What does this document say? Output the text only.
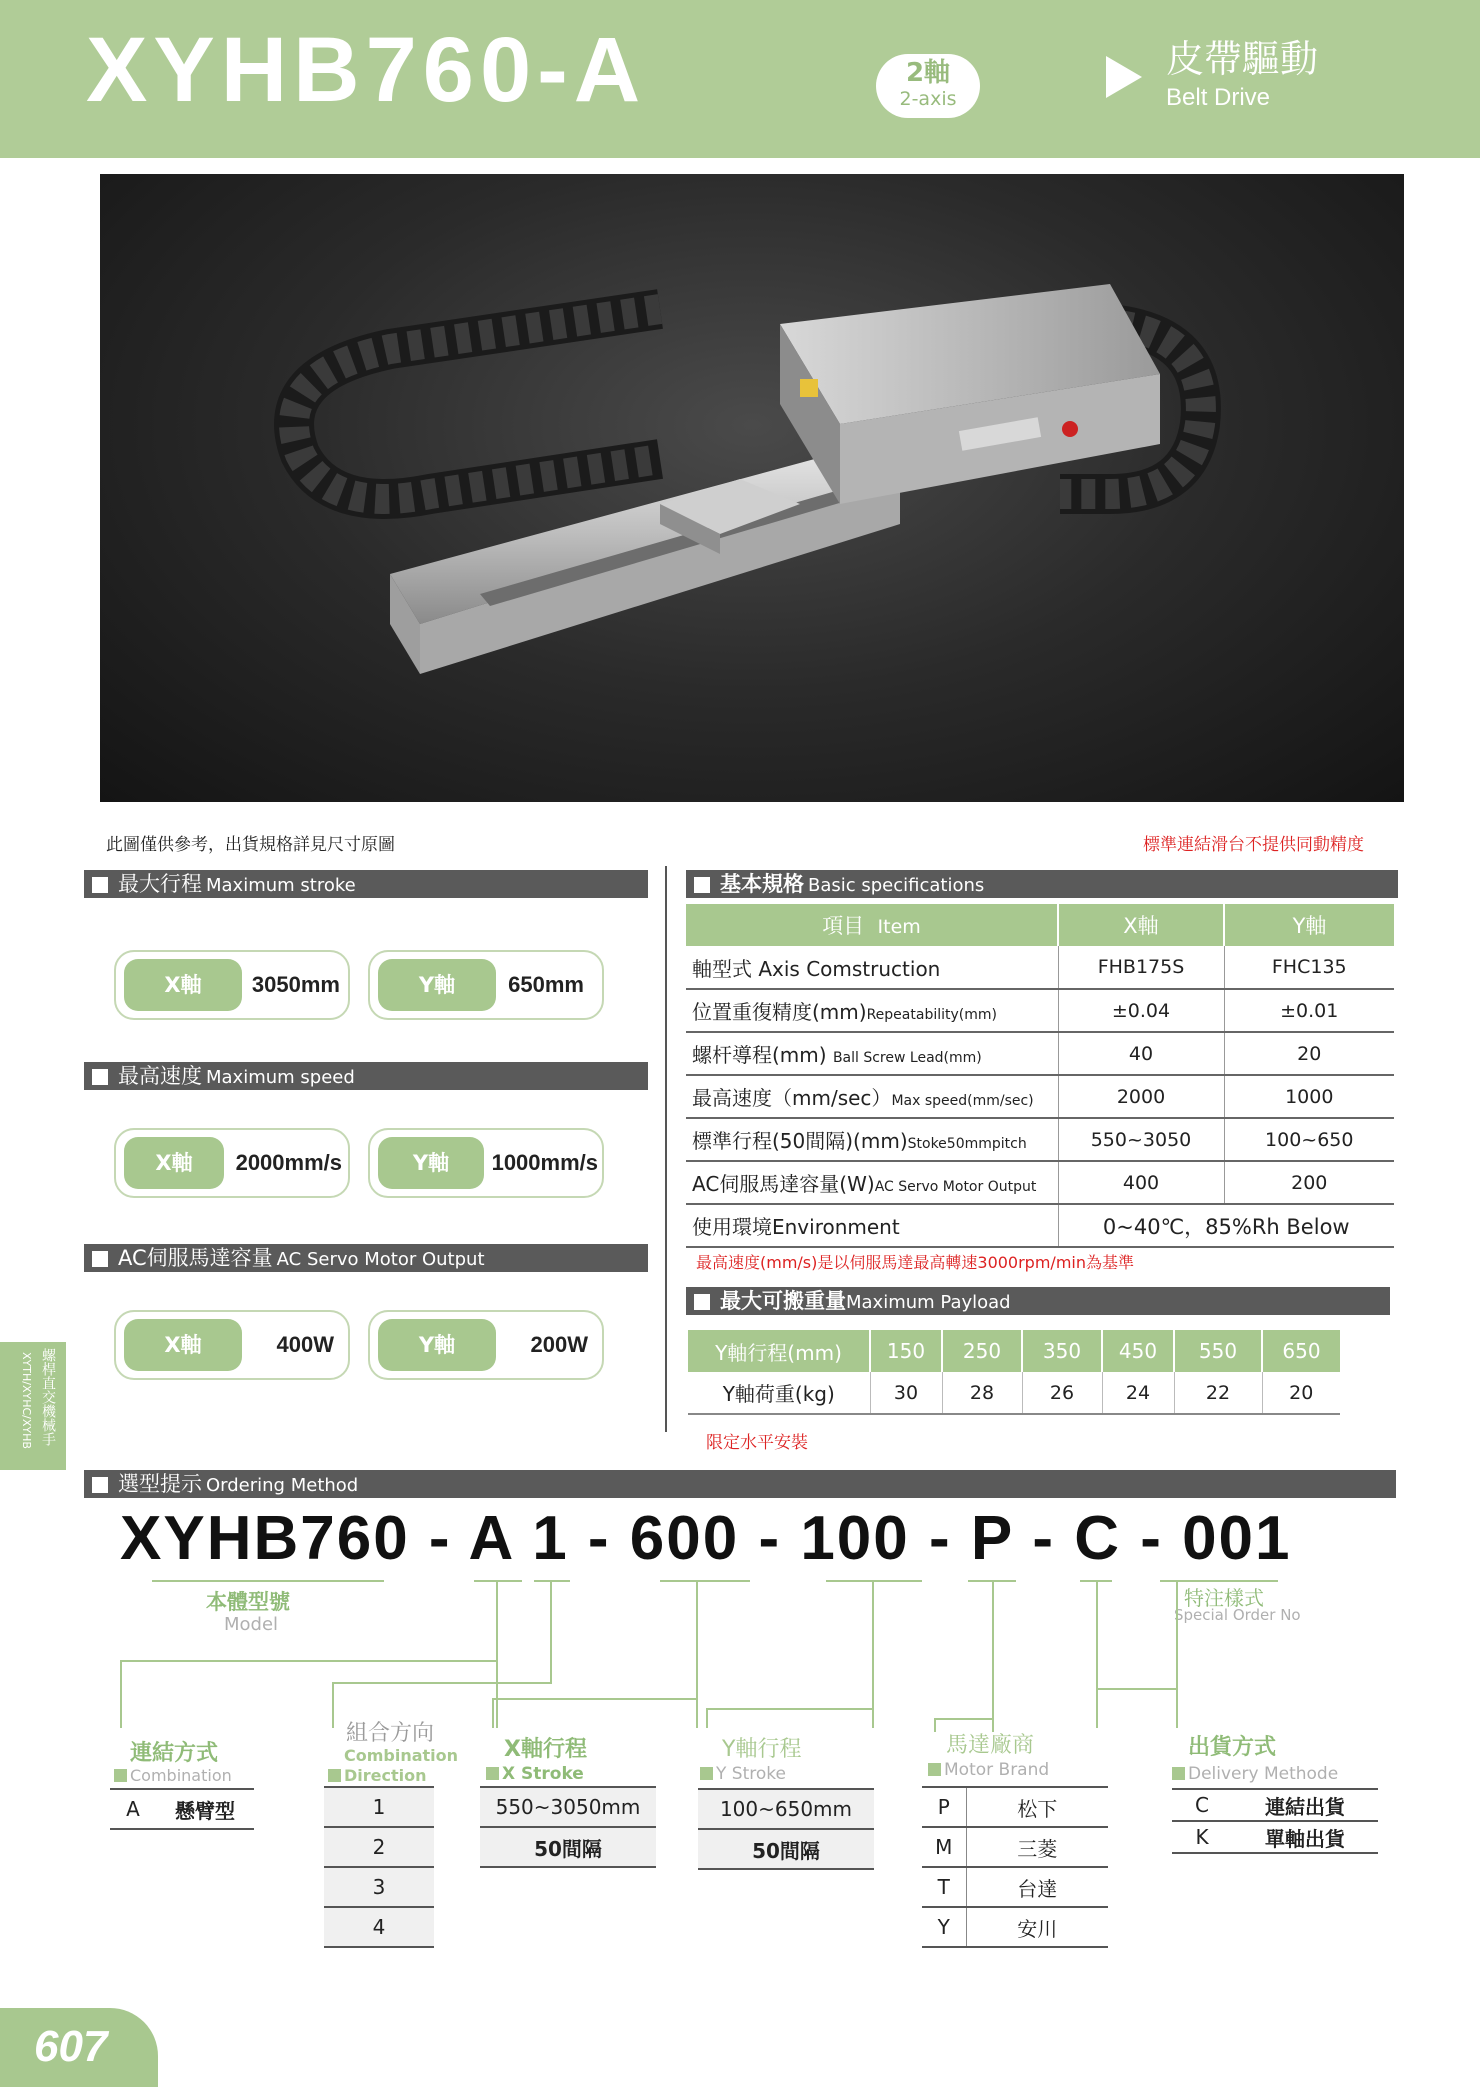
XYHB760-A	2軸
2-axis
皮帶驅動
Belt Drive
此圖僅供參考，出貨規格詳見尺寸原圖	標準連結滑台不提供同動精度
最大行程 Maximum stroke
X軸	3050mm	Y軸	650mm
最高速度 Maximum speed
X軸	2000mm/s	Y軸	1000mm/s
AC伺服馬達容量 AC Servo Motor Output
X軸	400W	Y軸	200W
基本規格 Basic specifications
項目 Item	X軸	Y軸
軸型式 Axis Comstruction	FHB175S	FHC135
位置重復精度(mm)Repeatability(mm)	±0.04	±0.01
螺杆導程(mm) Ball Screw Lead(mm)	40	20
最高速度（mm/sec）Max speed(mm/sec)	2000	1000
標準行程(50間隔)(mm)Stoke50mmpitch	550~3050	100~650
AC伺服馬達容量(W)AC Servo Motor Output	400	200
使用環境Environment	0~40℃，85%Rh Below	
最高速度(mm/s)是以伺服馬達最高轉速3000rpm/min為基準
最大可搬重量Maximum Payload
Y軸行程(mm)	150	250	350	450	550	650
Y軸荷重(kg)	30	28	26	24	22	20
限定水平安裝
螺桿直交機械手
XYTH/XYHC/XYHB
選型提示 Ordering Method
XYHB760 - A 1 - 600 - 100 - P - C - 001
本體型號
Model
特注樣式
Special Order No
連結方式
Combination
A	懸臂型
組合方向
Combination
Direction
1
2
3
4
X軸行程
X Stroke
550~3050mm
50間隔
Y軸行程
Y Stroke
100~650mm
50間隔
馬達廠商
Motor Brand
P	松下
M	三菱
T	台達
Y	安川
出貨方式
Delivery Methode
C	連結出貨
K	單軸出貨
607
